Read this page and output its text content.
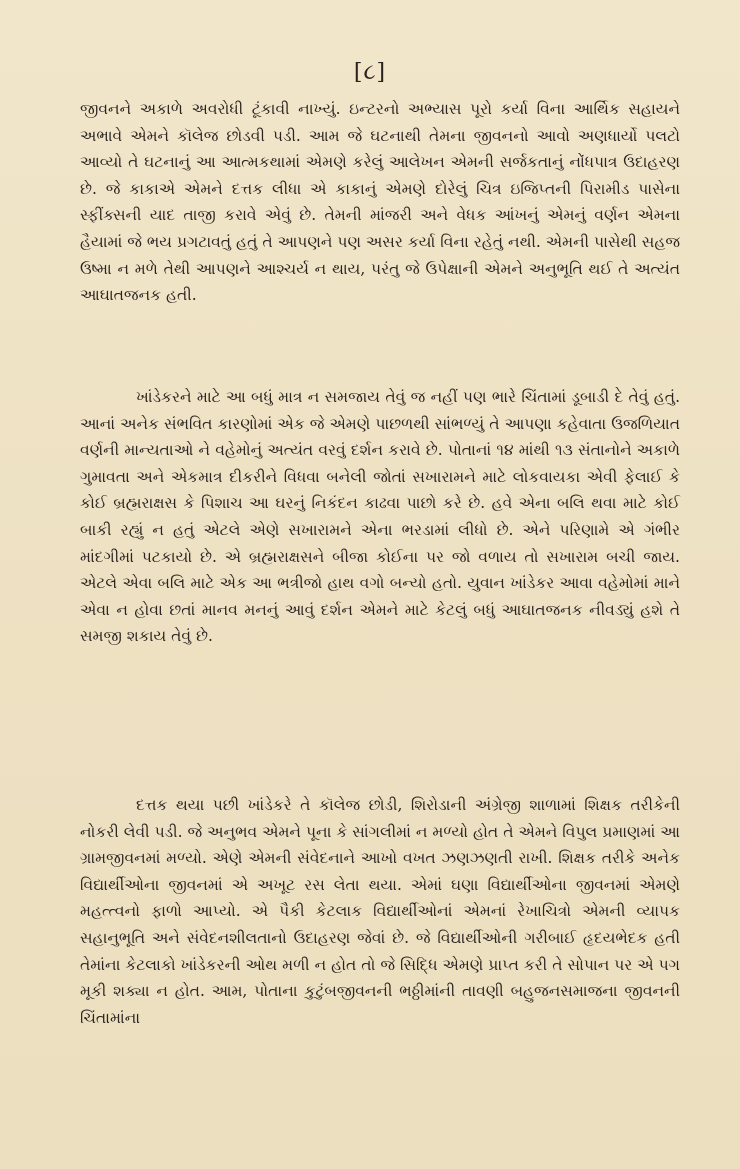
[૮]

જીવનને અકાળે અવરોધી ટૂંકાવી નાખ્યું. ઇન્ટરનો અભ્યાસ પૂરો કર્યા વિના આર્થિક સહાયને અભાવે એમને કૉલેજ છોડવી પડી. આમ જે ઘટનાથી તેમના જીવનનો આવો અણધાર્યો પલટો આવ્યો તે ઘટનાનું આ આત્મકથામાં એમણે કરેલું આલેખન એમની સર્જકતાનું નોંધપાત્ર ઉદાહરણ છે. જે કાકાએ એમને દત્તક લીધા એ કાકાનું એમણે દોરેલું ચિત્ર ઇજિપ્તની પિરામીડ પાસેના સ્ફીંક્સની યાદ તાજી કરાવે એવું છે. તેમની માંજરી અને વેધક આંખનું એમનું વર્ણન એમના હૈયામાં જે ભય પ્રગટાવતું હતું તે આપણને પણ અસર કર્યા વિના રહેતું નથી. એમની પાસેથી સહજ ઉષ્મા ન મળે તેથી આપણને આશ્ચર્ય ન થાય, પરંતુ જે ઉપેક્ષાની એમને અનુભૂતિ થઈ તે અત્યંત આઘાતજનક હતી.

ખાંડેકરને માટે આ બધું માત્ર ન સમજાય તેવું જ નહીં પણ ભારે ચિંતામાં ડૂબાડી દે તેવું હતું. આનાં અનેક સંભવિત કારણોમાં એક જે એમણે પાછળથી સાંભળ્યું તે આપણા કહેવાતા ઉજળિયાત વર્ણની માન્યતાઓ ને વહેમોનું અત્યંત વરવું દર્શન કરાવે છે. પોતાનાં ૧૪ માંથી ૧૩ સંતાનોને અકાળે ગુમાવતા અને એકમાત્ર દીકરીને વિધવા બનેલી જોતાં સખારામને માટે લોકવાયકા એવી ફેલાઈ કે કોઈ બ્રહ્મરાક્ષસ કે પિશાચ આ ઘરનું નિકંદન કાઢવા પાછો કરે છે. હવે એના બલિ થવા માટે કોઈ બાકી રહ્યું ન હતું એટલે એણે સખારામને એના ભરડામાં લીધો છે. એને પરિણામે એ ગંભીર માંદગીમાં પટકાયો છે. એ બ્રહ્મરાક્ષસને બીજા કોઈના પર જો વળાય તો સખારામ બચી જાય. એટલે એવા બલિ માટે એક આ ભત્રીજો હાથ વગો બન્યો હતો. યુવાન ખાંડેકર આવા વહેમોમાં માને એવા ન હોવા છતાં માનવ મનનું આવું દર્શન એમને માટે કેટલું બધું આઘાતજનક નીવડ્યું હશે તે સમજી શકાય તેવું છે.

દત્તક થયા પછી ખાંડેકરે તે કૉલેજ છોડી, શિરોડાની અંગ્રેજી શાળામાં શિક્ષક તરીકેની નોકરી લેવી પડી. જે અનુભવ એમને પૂના કે સાંગલીમાં ન મળ્યો હોત તે એમને વિપુલ પ્રમાણમાં આ ગ્રામજીવનમાં મળ્યો. એણે એમની સંવેદનાને આખો વખત ઝણઝણતી રાખી. શિક્ષક તરીકે અનેક વિદ્યાર્થીઓના જીવનમાં એ અખૂટ રસ લેતા થયા. એમાં ઘણા વિદ્યાર્થીઓના જીવનમાં એમણે મહત્ત્વનો ફાળો આપ્યો. એ પૈકી કેટલાક વિદ્યાર્થીઓનાં એમનાં રેખાચિત્રો એમની વ્યાપક સહાનુભૂતિ અને સંવેદનશીલતાનો ઉદાહરણ જેવાં છે. જે વિદ્યાર્થીઓની ગરીબાઈ હૃદયભેદક હતી તેમાંના કેટલાકો ખાંડેકરની ઓથ મળી ન હોત તો જે સિદ્ધિ એમણે પ્રાપ્ત કરી તે સોપાન પર એ પગ મૂકી શક્યા ન હોત. આમ, પોતાના કુટુંબજીવનની ભઠ્ઠીમાંની તાવણી બહુજનસમાજના જીવનની ચિંતામાંના
